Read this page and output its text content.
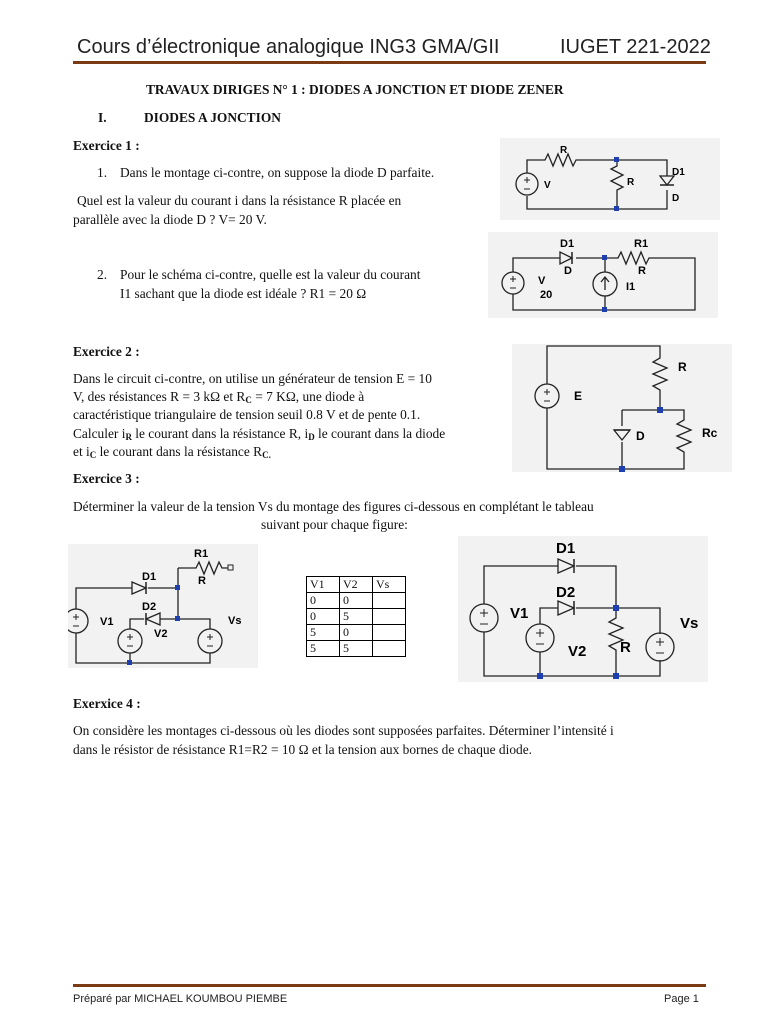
Cours d’électronique analogique ING3 GMA/GII	IUGET 221-2022
TRAVAUX DIRIGES N° 1 : DIODES A JONCTION ET DIODE ZENER
I.	DIODES A JONCTION
Exercice 1 :
1. Dans le montage ci-contre, on suppose la diode D parfaite.
Quel est la valeur du courant i dans la résistance R placée en
parallèle avec la diode D ? V= 20 V.
2. Pour le schéma ci-contre, quelle est la valeur du courant
I1 sachant que la diode est idéale ? R1 = 20 Ω
Exercice 2 :
Dans le circuit ci-contre, on utilise un générateur de tension E = 10
V, des résistances R = 3 kΩ et $R_C = 7$ KΩ, une diode à
caractéristique triangulaire de tension seuil 0.8 V et de pente 0.1.
Calculer $i_R$ le courant dans la résistance R, $i_D$ le courant dans la diode
et $i_C$ le courant dans la résistance $R_{C.}$
Exercice 3 :
Déterminer la valeur de la tension Vs du montage des figures ci-dessous en complétant le tableau
suivant pour chaque figure:
V1	V2	Vs
0	0	
0	5	
5	0	
5	5	
Exerxice 4 :
On considère les montages ci-dessous où les diodes sont supposées parfaites. Déterminer l’intensité i
dans le résistor de résistance R1=R2 = 10 Ω et la tension aux bornes de chaque diode.
R
R
D1
D
V
D1
D
R1
R
V
20
I1
R
E
D	Rc
R1
R
D1
D2
V1
V2
Vs
D1
D2
V1
V2 R
Vs
Préparé par MICHAEL KOUMBOU PIEMBE	Page 1
